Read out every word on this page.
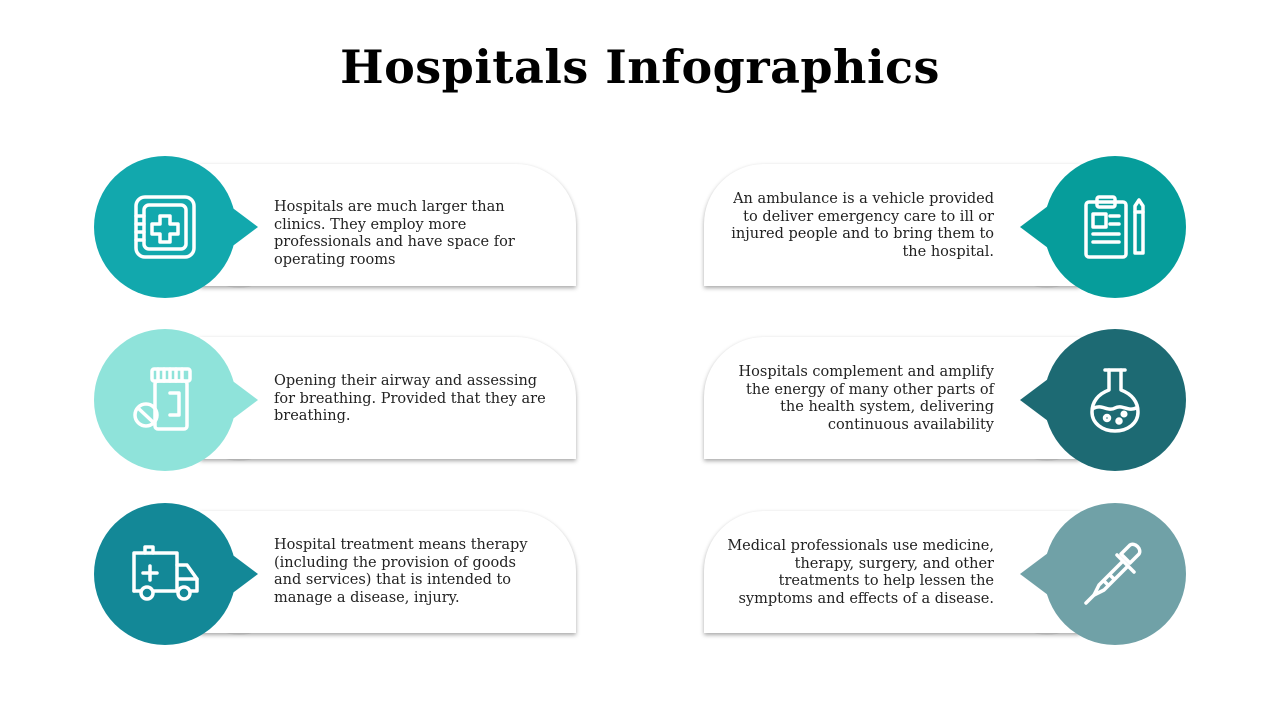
Hospitals Infographics
Hospitals are much larger than clinics. They employ more professionals and have space for operating rooms
An ambulance is a vehicle provided to deliver emergency care to ill or injured people and to bring them to the hospital.
Opening their airway and assessing for breathing. Provided that they are breathing.
Hospitals complement and amplify the energy of many other parts of the health system, delivering continuous availability
Hospital treatment means therapy (including the provision of goods and services) that is intended to manage a disease, injury.
Medical professionals use medicine, therapy, surgery, and other treatments to help lessen the symptoms and effects of a disease.
